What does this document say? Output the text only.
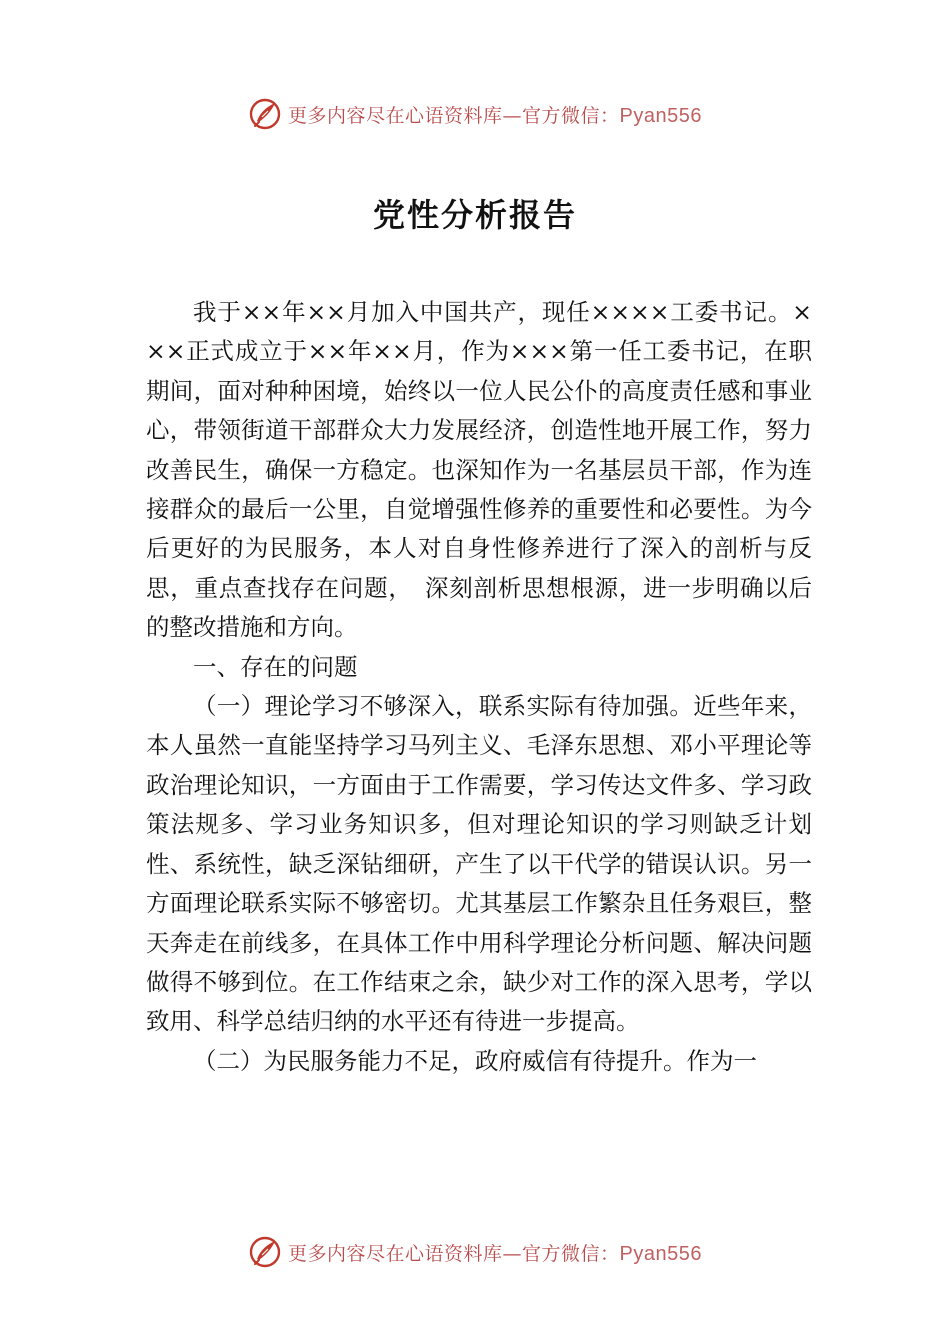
更多内容尽在心语资料库—官方微信：Pyan556
党性分析报告

我于××年××月加入中国共产，现任××××工委书记。×××正式成立于××年××月，作为×××第一任工委书记，在职期间，面对种种困境，始终以一位人民公仆的高度责任感和事业心，带领街道干部群众大力发展经济，创造性地开展工作，努力改善民生，确保一方稳定。也深知作为一名基层员干部，作为连接群众的最后一公里，自觉增强性修养的重要性和必要性。为今后更好的为民服务，本人对自身性修养进行了深入的剖析与反思，重点查找存在问题，　深刻剖析思想根源，进一步明确以后的整改措施和方向。

一、存在的问题

（一）理论学习不够深入，联系实际有待加强。近些年来，本人虽然一直能坚持学习马列主义、毛泽东思想、邓小平理论等政治理论知识，一方面由于工作需要，学习传达文件多、学习政策法规多、学习业务知识多，但对理论知识的学习则缺乏计划性、系统性，缺乏深钻细研，产生了以干代学的错误认识。另一方面理论联系实际不够密切。尤其基层工作繁杂且任务艰巨，整天奔走在前线多，在具体工作中用科学理论分析问题、解决问题做得不够到位。在工作结束之余，缺少对工作的深入思考，学以致用、科学总结归纳的水平还有待进一步提高。

（二）为民服务能力不足，政府威信有待提升。作为一

更多内容尽在心语资料库—官方微信：Pyan556
